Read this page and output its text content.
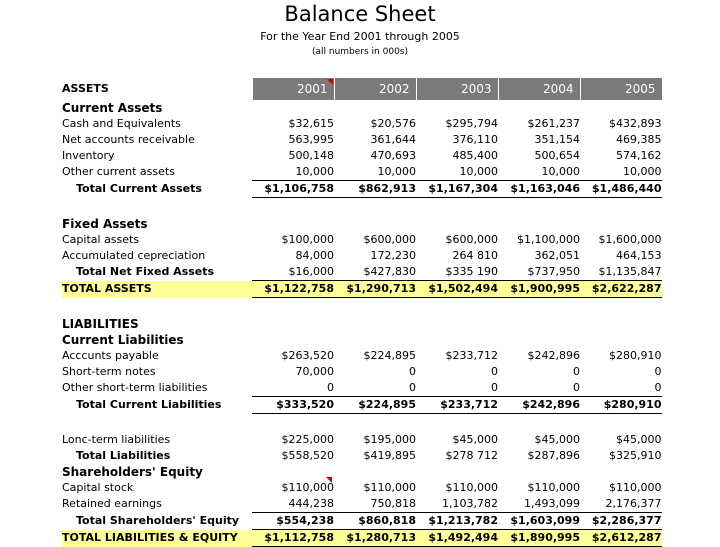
Balance Sheet
For the Year End 2001 through 2005
(all numbers in 000s)
ASSETS	2001	2002	2003	2004	2005
Current Assets					
Cash and Equivalents	$32,615	$20,576	$295,794	$261,237	$432,893
Net accounts receivable	563,995	361,644	376,110	351,154	469,385
Inventory	500,148	470,693	485,400	500,654	574,162
Other current assets	10,000	10,000	10,000	10,000	10,000
Total Current Assets	$1,106,758	$862,913	$1,167,304	$1,163,046	$1,486,440

Fixed Assets					
Capital assets	$100,000	$600,000	$600,000	$1,100,000	$1,600,000
Accumulated cepreciation	84,000	172,230	264 810	362,051	464,153
Total Net Fixed Assets	$16,000	$427,830	$335 190	$737,950	$1,135,847
TOTAL ASSETS	$1,122,758	$1,290,713	$1,502,494	$1,900,995	$2,622,287

LIABILITIES					
Current Liabilities					
Acccunts payable	$263,520	$224,895	$233,712	$242,896	$280,910
Short-term notes	70,000	0	0	0	0
Other short-term liabilities	0	0	0	0	0
Total Current Liabilities	$333,520	$224,895	$233,712	$242,896	$280,910

Lonc-term liabilities	$225,000	$195,000	$45,000	$45,000	$45,000
Total Liabilities	$558,520	$419,895	$278 712	$287,896	$325,910
Shareholders' Equity					
Capital stock	$110,000	$110,000	$110,000	$110,000	$110,000
Retained earnings	444,238	750,818	1,103,782	1,493,099	2,176,377
Total Shareholders' Equity	$554,238	$860,818	$1,213,782	$1,603,099	$2,286,377
TOTAL LIABILITIES & EQUITY	$1,112,758	$1,280,713	$1,492,494	$1,890,995	$2,612,287
